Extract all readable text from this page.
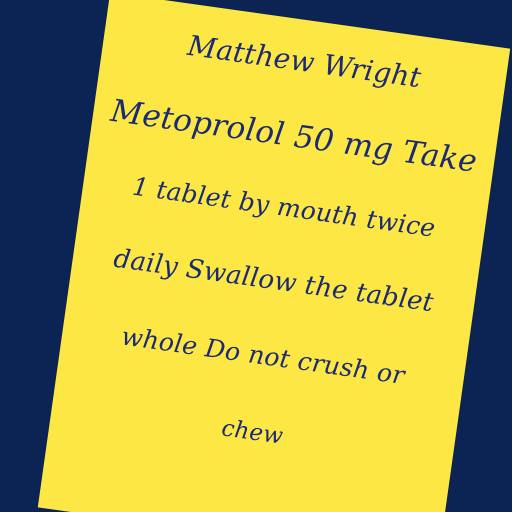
Matthew Wright
Metoprolol 50 mg Take
1 tablet by mouth twice
daily Swallow the tablet
whole Do not crush or
chew
